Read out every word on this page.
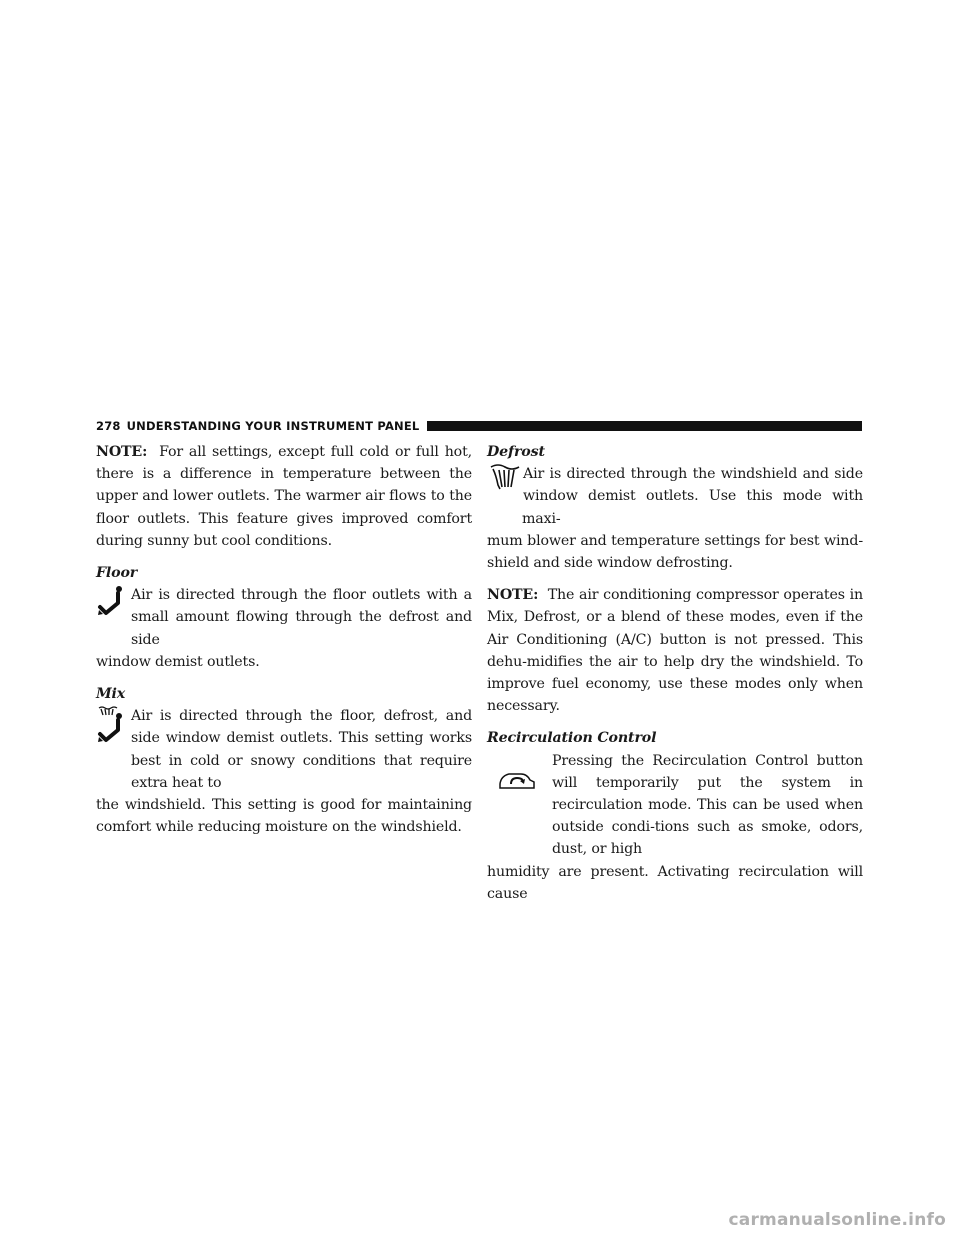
278 UNDERSTANDING YOUR INSTRUMENT PANEL

NOTE: For all settings, except full cold or full hot, there is a difference in temperature between the upper and lower outlets. The warmer air flows to the floor outlets. This feature gives improved comfort during sunny but cool conditions.

Floor

Air is directed through the floor outlets with a small amount flowing through the defrost and side
window demist outlets.

Mix

Air is directed through the floor, defrost, and side window demist outlets. This setting works best in cold or snowy conditions that require extra heat to
the windshield. This setting is good for maintaining comfort while reducing moisture on the windshield.

Defrost

Air is directed through the windshield and side window demist outlets. Use this mode with maxi-
mum blower and temperature settings for best wind-shield and side window defrosting.

NOTE: The air conditioning compressor operates in Mix, Defrost, or a blend of these modes, even if the Air Conditioning (A/C) button is not pressed. This dehu-midifies the air to help dry the windshield. To improve fuel economy, use these modes only when necessary.

Recirculation Control

Pressing the Recirculation Control button will temporarily put the system in recirculation mode. This can be used when outside condi-tions such as smoke, odors, dust, or high
humidity are present. Activating recirculation will cause

carmanualsonline.info
